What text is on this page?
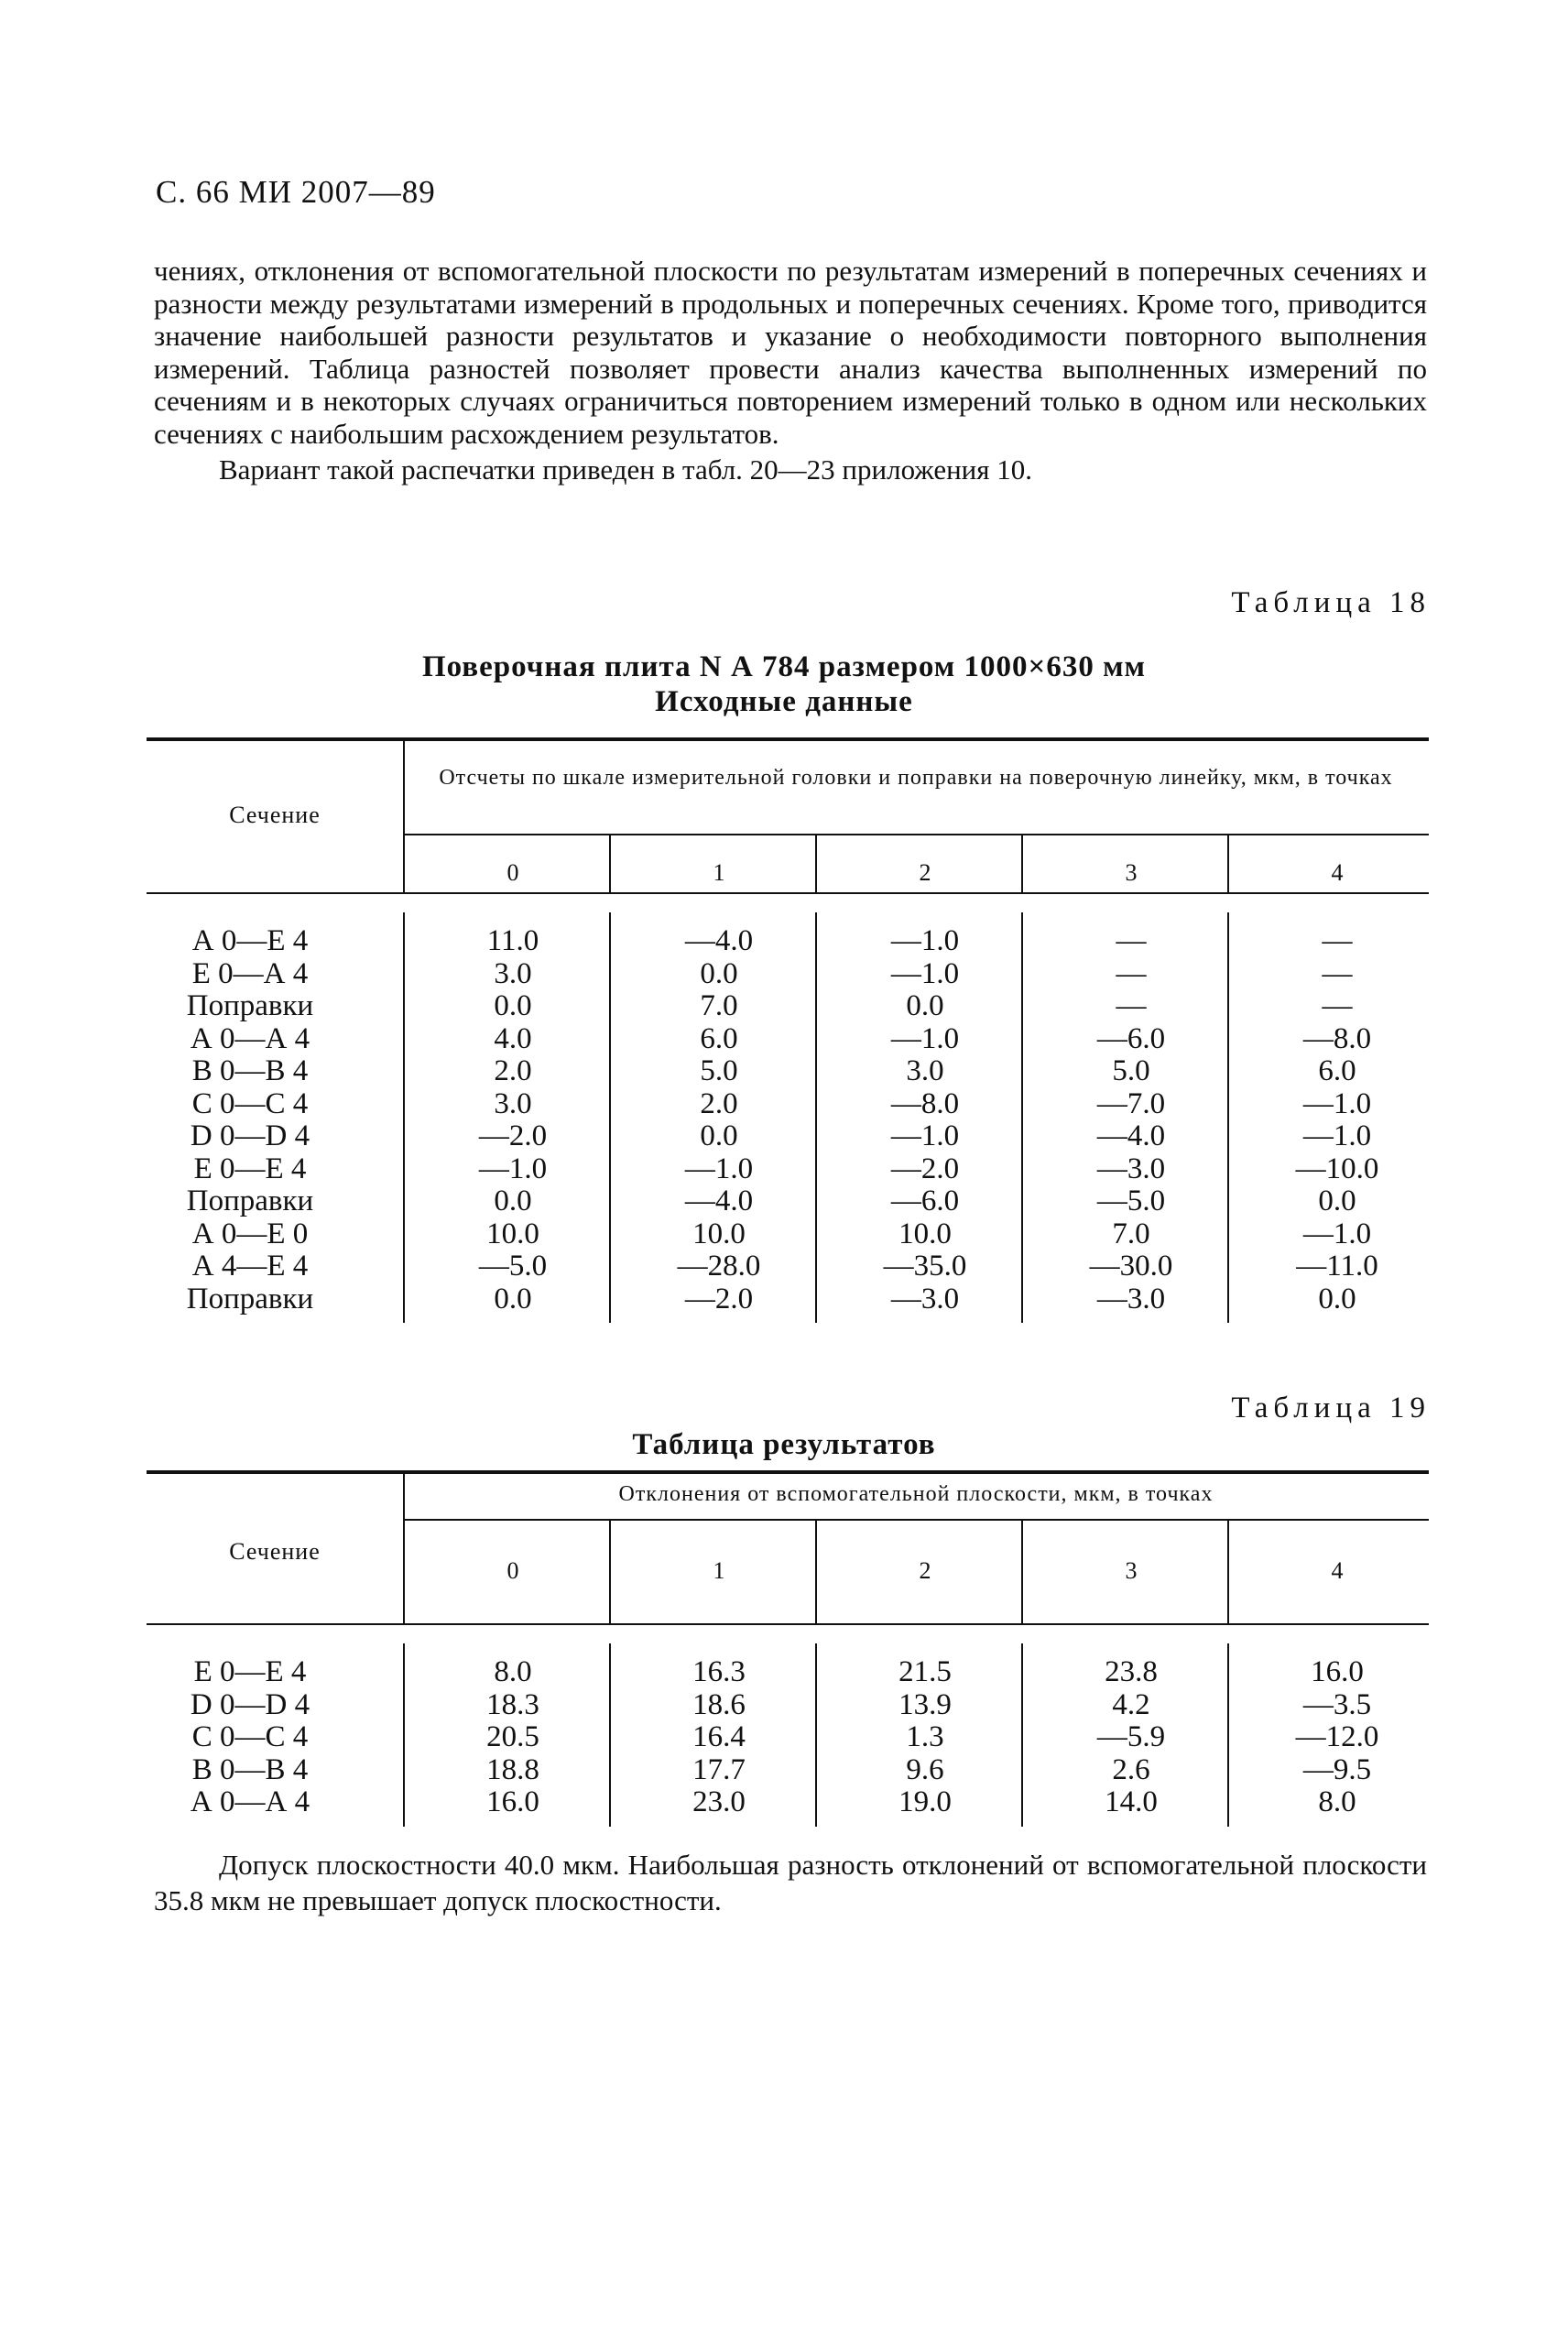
С. 66 МИ 2007—89

чениях, отклонения от вспомогательной плоскости по результатам измерений в поперечных сечениях и разности между результатами измерений в продольных и поперечных сечениях. Кроме того, приводится значение наибольшей разности результатов и указание о необходимости повторного выполнения измерений. Таблица разностей позволяет провести анализ качества выполненных измерений по сечениям и в некоторых случаях ограничиться повторением измерений только в одном или нескольких сечениях с наибольшим расхождением результатов.

Вариант такой распечатки приведен в табл. 20—23 приложения 10.

Таблица 18
Поверочная плита N А 784 размером 1000×630 мм
Исходные данные
Сечение
Отсчеты по шкале измерительной головки и поправки на поверочную линейку, мкм, в точках
0	1	2	3	4
А 0—Е 4	11.0	—4.0	—1.0	—	—
Е 0—А 4	3.0	0.0	—1.0	—	—
Поправки	0.0	7.0	0.0	—	—
А 0—А 4	4.0	6.0	—1.0	—6.0	—8.0
В 0—В 4	2.0	5.0	3.0	5.0	6.0
С 0—С 4	3.0	2.0	—8.0	—7.0	—1.0
D 0—D 4	—2.0	0.0	—1.0	—4.0	—1.0
Е 0—Е 4	—1.0	—1.0	—2.0	—3.0	—10.0
Поправки	0.0	—4.0	—6.0	—5.0	0.0
А 0—Е 0	10.0	10.0	10.0	7.0	—1.0
А 4—Е 4	—5.0	—28.0	—35.0	—30.0	—11.0
Поправки	0.0	—2.0	—3.0	—3.0	0.0
Таблица 19
Таблица результатов
Сечение
Отклонения от вспомогательной плоскости, мкм, в точках
0	1	2	3	4
Е 0—Е 4	8.0	16.3	21.5	23.8	16.0
D 0—D 4	18.3	18.6	13.9	4.2	—3.5
С 0—С 4	20.5	16.4	1.3	—5.9	—12.0
В 0—В 4	18.8	17.7	9.6	2.6	—9.5
А 0—А 4	16.0	23.0	19.0	14.0	8.0

Допуск плоскостности 40.0 мкм. Наибольшая разность отклонений от вспомогательной плоскости 35.8 мкм не превышает допуск плоскостности.
